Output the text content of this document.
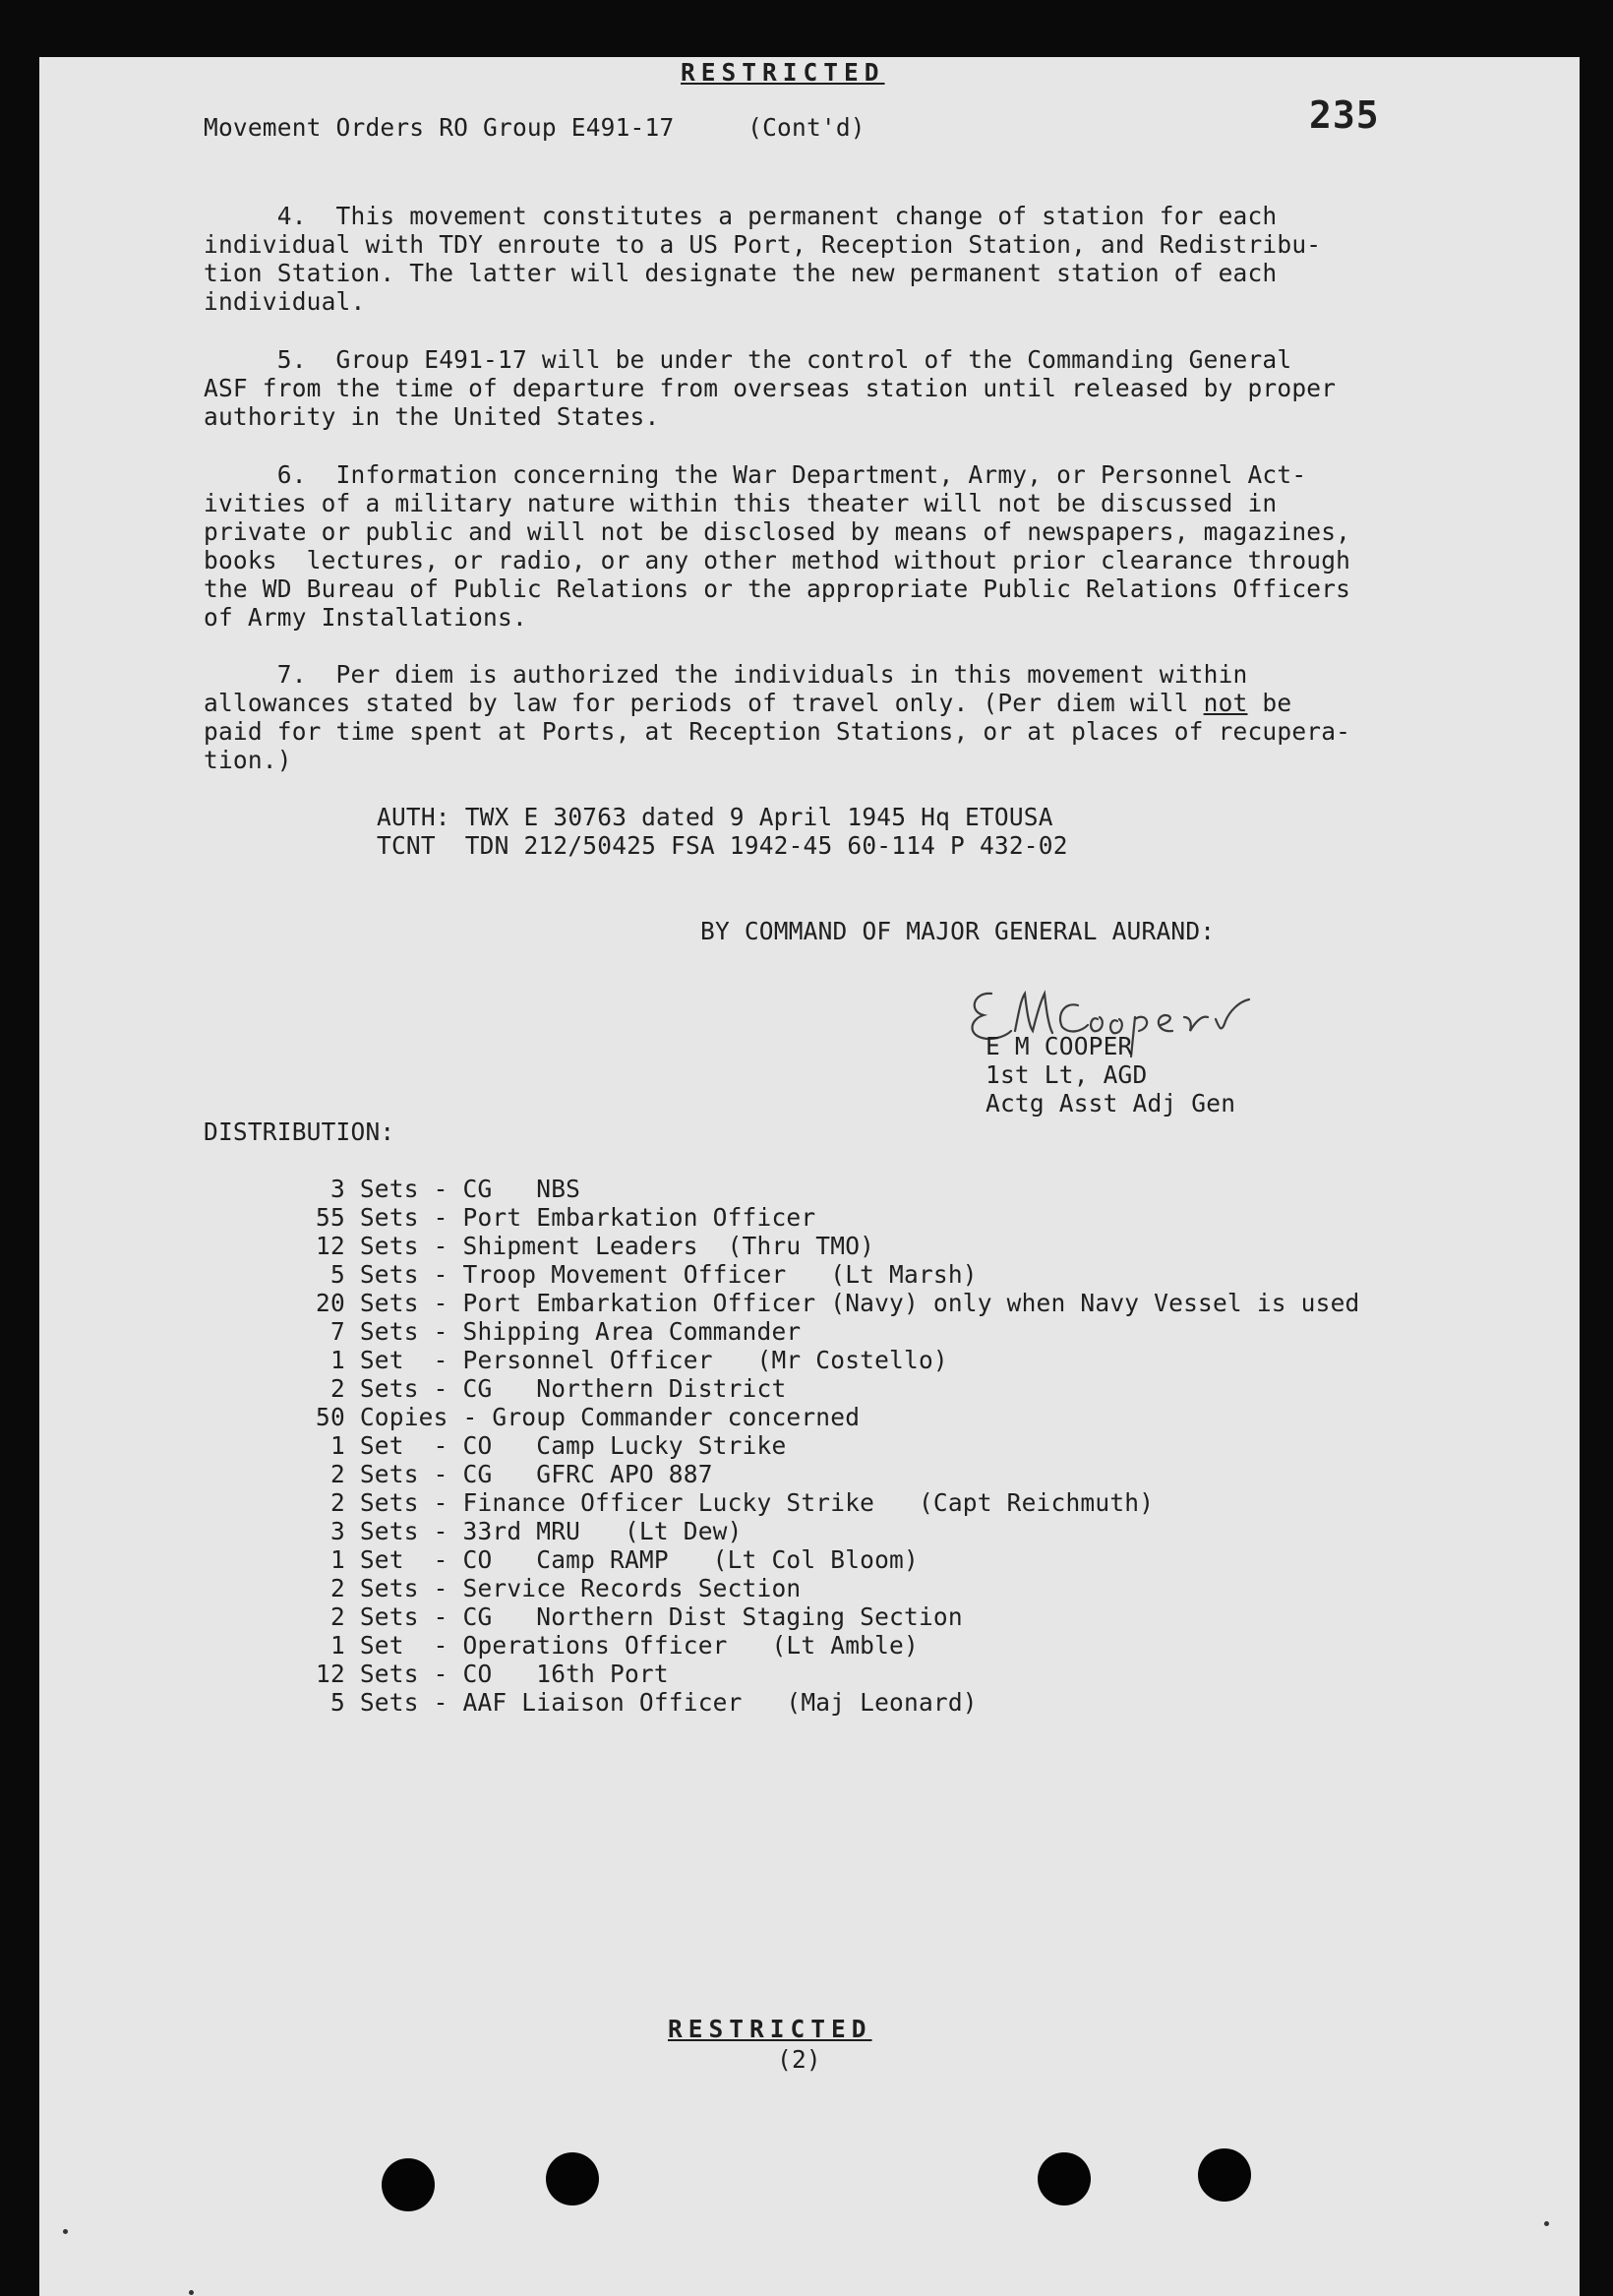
RESTRICTED
Movement Orders RO Group E491-17     (Cont'd)	235
4.  This movement constitutes a permanent change of station for each
individual with TDY enroute to a US Port, Reception Station, and Redistribu-
tion Station. The latter will designate the new permanent station of each
individual.
5.  Group E491-17 will be under the control of the Commanding General
ASF from the time of departure from overseas station until released by proper
authority in the United States.
6.  Information concerning the War Department, Army, or Personnel Act-
ivities of a military nature within this theater will not be discussed in
private or public and will not be disclosed by means of newspapers, magazines,
books  lectures, or radio, or any other method without prior clearance through
the WD Bureau of Public Relations or the appropriate Public Relations Officers
of Army Installations.
7.  Per diem is authorized the individuals in this movement within
allowances stated by law for periods of travel only. (Per diem will not be
paid for time spent at Ports, at Reception Stations, or at places of recupera-
tion.)
AUTH: TWX E 30763 dated 9 April 1945 Hq ETOUSA
TCNT  TDN 212/50425 FSA 1942-45 60-114 P 432-02
BY COMMAND OF MAJOR GENERAL AURAND:
E M Cooper
E M COOPER
1st Lt, AGD
Actg Asst Adj Gen
DISTRIBUTION:
3 Sets - CG   NBS
55 Sets - Port Embarkation Officer
12 Sets - Shipment Leaders  (Thru TMO)
5 Sets - Troop Movement Officer   (Lt Marsh)
20 Sets - Port Embarkation Officer (Navy) only when Navy Vessel is used
7 Sets - Shipping Area Commander
1 Set  - Personnel Officer   (Mr Costello)
2 Sets - CG   Northern District
50 Copies - Group Commander concerned
1 Set  - CO   Camp Lucky Strike
2 Sets - CG   GFRC APO 887
2 Sets - Finance Officer Lucky Strike   (Capt Reichmuth)
3 Sets - 33rd MRU   (Lt Dew)
1 Set  - CO   Camp RAMP   (Lt Col Bloom)
2 Sets - Service Records Section
2 Sets - CG   Northern Dist Staging Section
1 Set  - Operations Officer   (Lt Amble)
12 Sets - CO   16th Port
5 Sets - AAF Liaison Officer   (Maj Leonard)
RESTRICTED
(2)
